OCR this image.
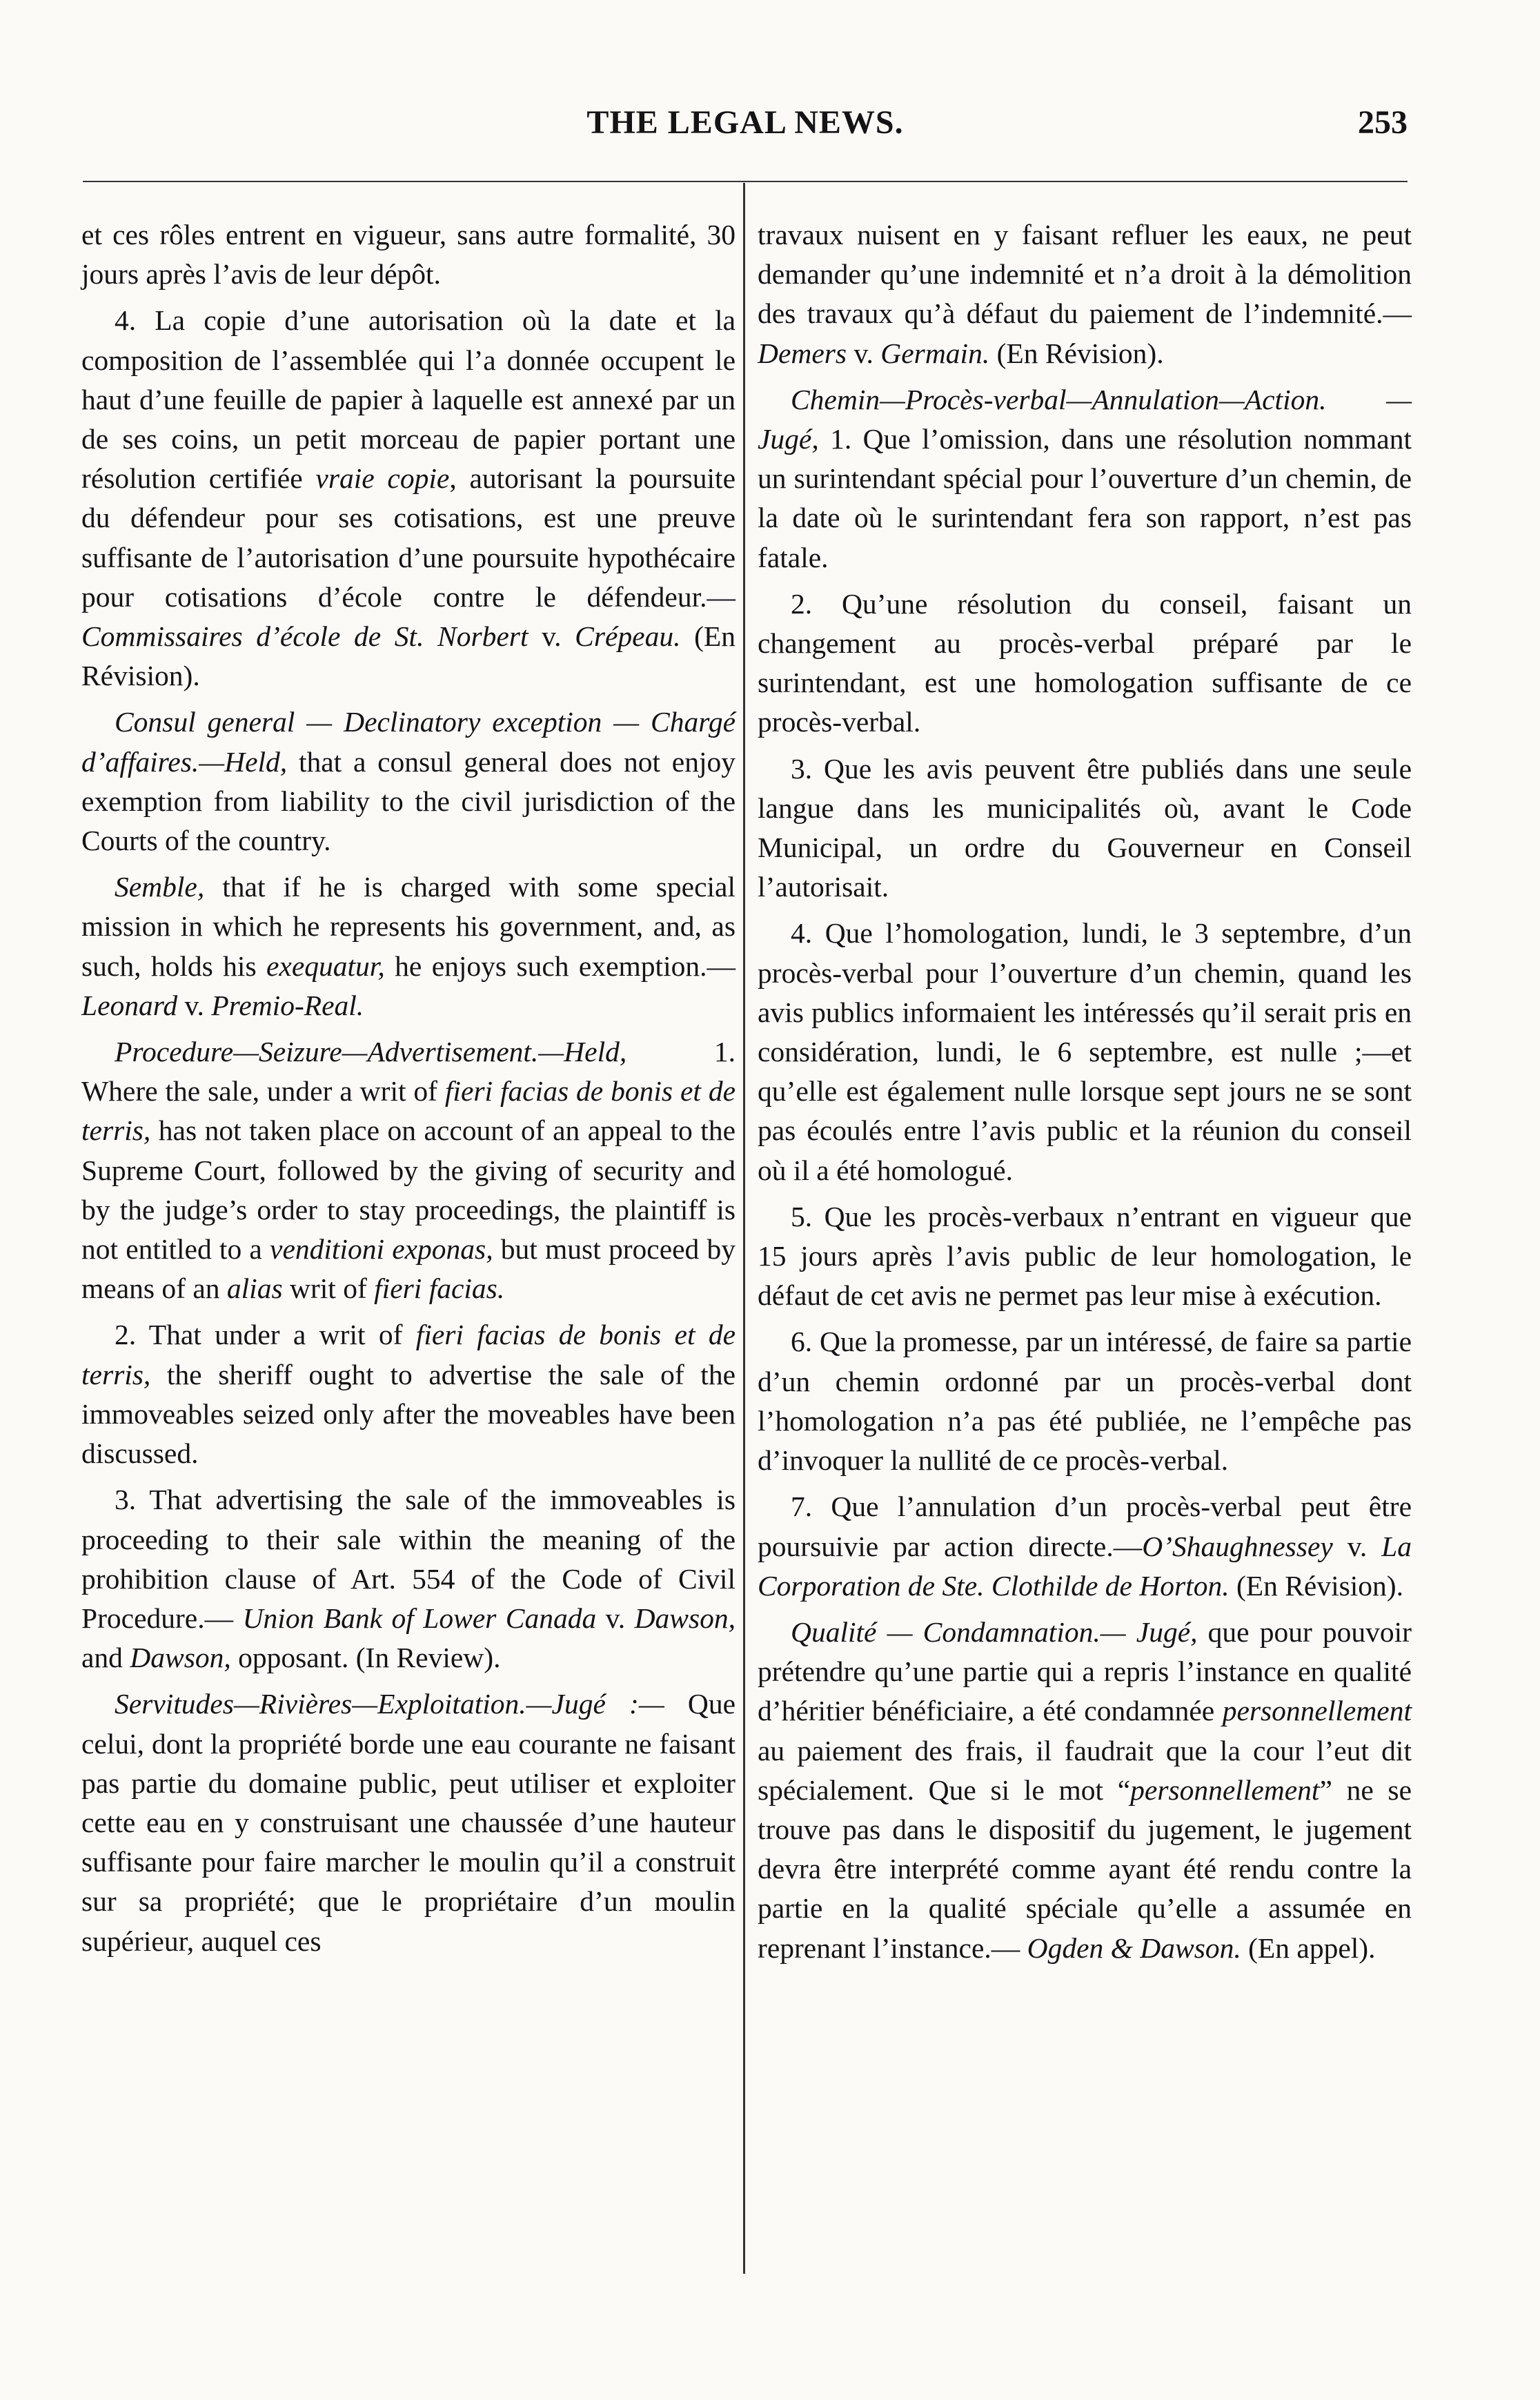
THE LEGAL NEWS.	253

et ces rôles entrent en vigueur, sans autre formalité, 30 jours après l’avis de leur dépôt.

4. La copie d’une autorisation où la date et la composition de l’assemblée qui l’a donnée occupent le haut d’une feuille de papier à laquelle est annexé par un de ses coins, un petit morceau de papier portant une résolution certifiée vraie copie, autorisant la poursuite du défendeur pour ses cotisations, est une preuve suffisante de l’autorisation d’une poursuite hypothécaire pour cotisations d’école contre le défendeur.— Commissaires d’école de St. Norbert v. Crépeau. (En Révision).

Consul general — Declinatory exception — Chargé d’affaires.—Held, that a consul general does not enjoy exemption from liability to the civil jurisdiction of the Courts of the country.

Semble, that if he is charged with some special mission in which he represents his government, and, as such, holds his exequatur, he enjoys such exemption.—Leonard v. Premio-Real.

Procedure—Seizure—Advertisement.—Held, 1. Where the sale, under a writ of fieri facias de bonis et de terris, has not taken place on account of an appeal to the Supreme Court, followed by the giving of security and by the judge’s order to stay proceedings, the plaintiff is not entitled to a venditioni exponas, but must proceed by means of an alias writ of fieri facias.

2. That under a writ of fieri facias de bonis et de terris, the sheriff ought to advertise the sale of the immoveables seized only after the moveables have been discussed.

3. That advertising the sale of the immoveables is proceeding to their sale within the meaning of the prohibition clause of Art. 554 of the Code of Civil Procedure.— Union Bank of Lower Canada v. Dawson, and Dawson, opposant. (In Review).

Servitudes—Rivières—Exploitation.—Jugé :— Que celui, dont la propriété borde une eau courante ne faisant pas partie du domaine public, peut utiliser et exploiter cette eau en y construisant une chaussée d’une hauteur suffisante pour faire marcher le moulin qu’il a construit sur sa propriété; que le propriétaire d’un moulin supérieur, auquel ces

travaux nuisent en y faisant refluer les eaux, ne peut demander qu’une indemnité et n’a droit à la démolition des travaux qu’à défaut du paiement de l’indemnité.—Demers v. Germain. (En Révision).

Chemin—Procès-verbal—Annulation—Action. —Jugé, 1. Que l’omission, dans une résolution nommant un surintendant spécial pour l’ouverture d’un chemin, de la date où le surintendant fera son rapport, n’est pas fatale.

2. Qu’une résolution du conseil, faisant un changement au procès-verbal préparé par le surintendant, est une homologation suffisante de ce procès-verbal.

3. Que les avis peuvent être publiés dans une seule langue dans les municipalités où, avant le Code Municipal, un ordre du Gouverneur en Conseil l’autorisait.

4. Que l’homologation, lundi, le 3 septembre, d’un procès-verbal pour l’ouverture d’un chemin, quand les avis publics informaient les intéressés qu’il serait pris en considération, lundi, le 6 septembre, est nulle ;—et qu’elle est également nulle lorsque sept jours ne se sont pas écoulés entre l’avis public et la réunion du conseil où il a été homologué.

5. Que les procès-verbaux n’entrant en vigueur que 15 jours après l’avis public de leur homologation, le défaut de cet avis ne permet pas leur mise à exécution.

6. Que la promesse, par un intéressé, de faire sa partie d’un chemin ordonné par un procès-verbal dont l’homologation n’a pas été publiée, ne l’empêche pas d’invoquer la nullité de ce procès-verbal.

7. Que l’annulation d’un procès-verbal peut être poursuivie par action directe.—O’Shaughnessey v. La Corporation de Ste. Clothilde de Horton. (En Révision).

Qualité — Condamnation.— Jugé, que pour pouvoir prétendre qu’une partie qui a repris l’instance en qualité d’héritier bénéficiaire, a été condamnée personnellement au paiement des frais, il faudrait que la cour l’eut dit spécialement. Que si le mot “personnellement” ne se trouve pas dans le dispositif du jugement, le jugement devra être interprété comme ayant été rendu contre la partie en la qualité spéciale qu’elle a assumée en reprenant l’instance.— Ogden & Dawson. (En appel).
